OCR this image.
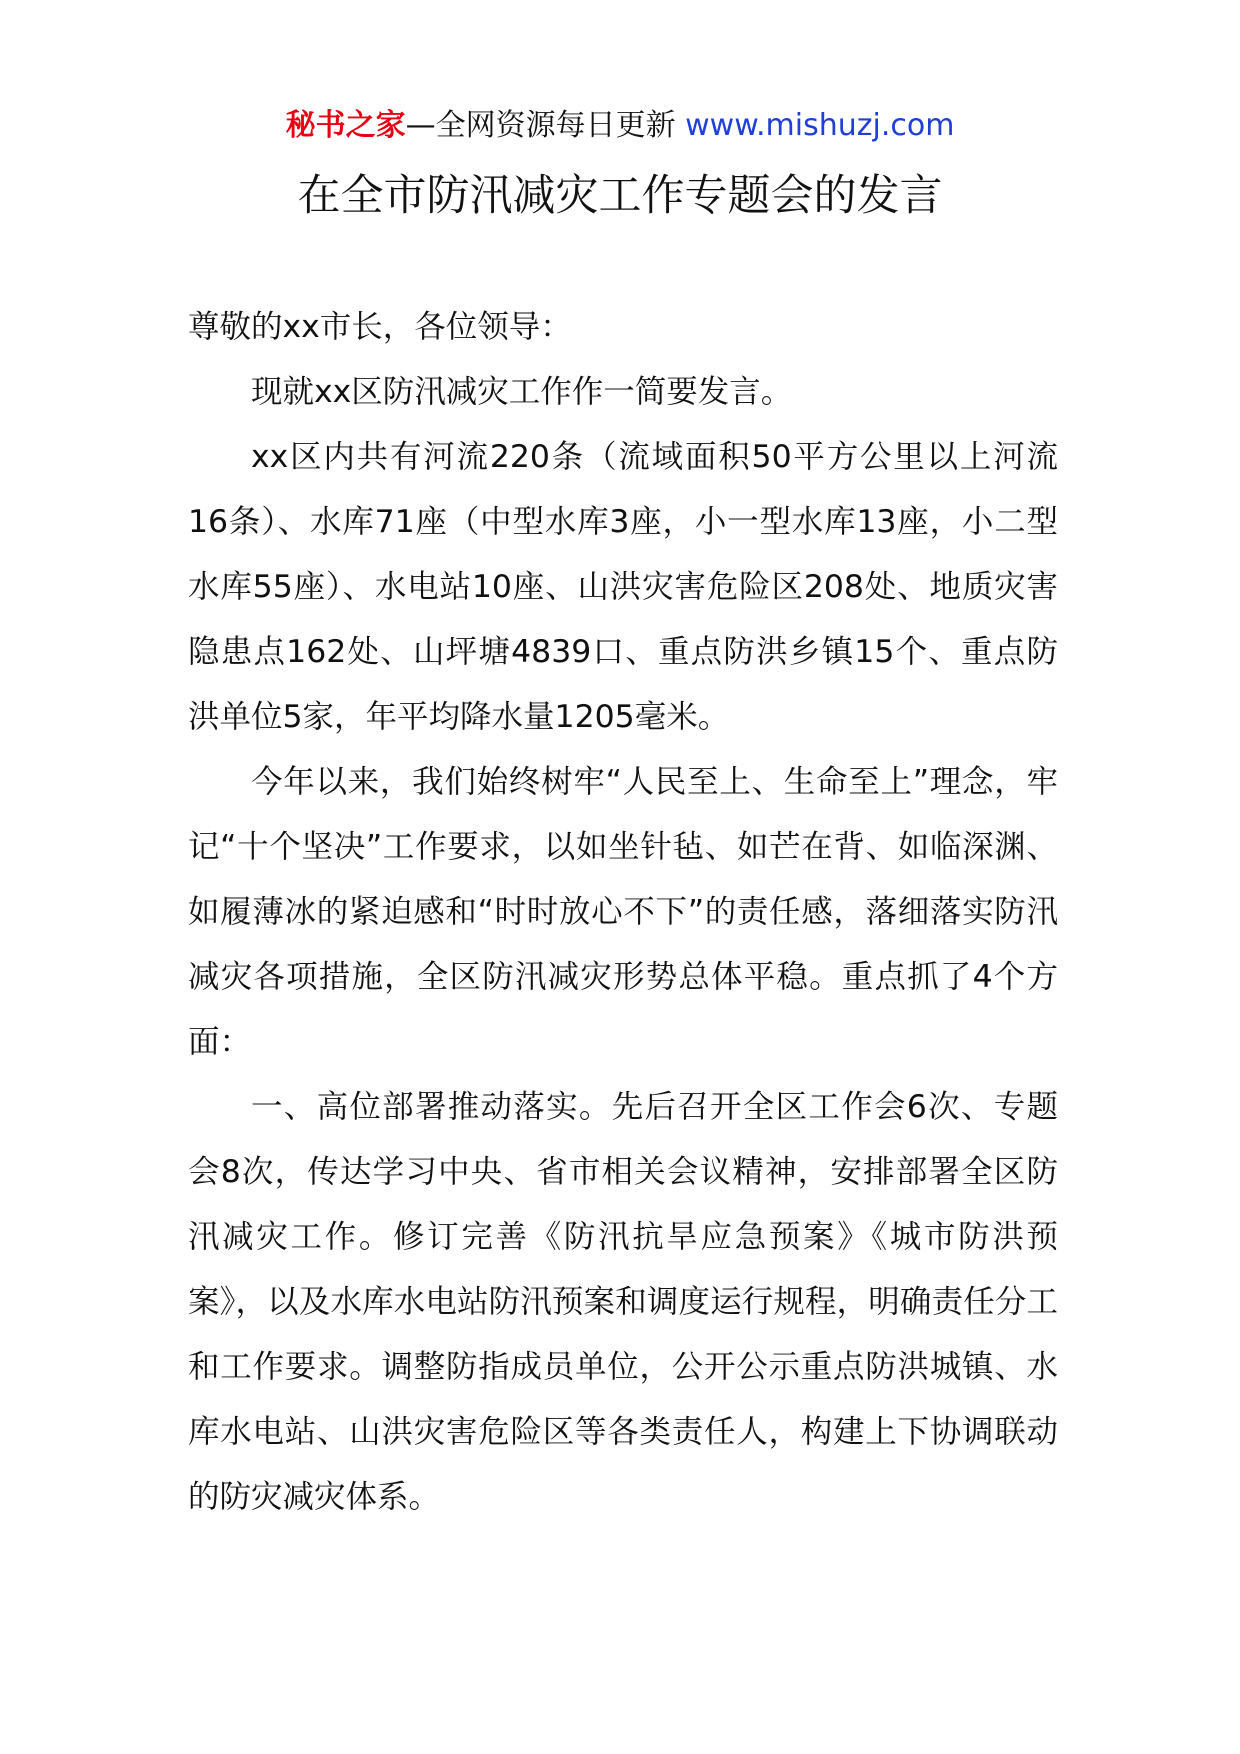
秘书之家—全网资源每日更新 www.mishuzj.com
在全市防汛减灾工作专题会的发言

尊敬的xx市长，各位领导：

现就xx区防汛减灾工作作一简要发言。

xx区内共有河流220条（流域面积50平方公里以上河流16条）、水库71座（中型水库3座，小一型水库13座，小二型水库55座）、水电站10座、山洪灾害危险区208处、地质灾害隐患点162处、山坪塘4839口、重点防洪乡镇15个、重点防洪单位5家，年平均降水量1205毫米。

今年以来，我们始终树牢“人民至上、生命至上”理念，牢记“十个坚决”工作要求，以如坐针毡、如芒在背、如临深渊、如履薄冰的紧迫感和“时时放心不下”的责任感，落细落实防汛减灾各项措施，全区防汛减灾形势总体平稳。重点抓了4个方面：

一、高位部署推动落实。先后召开全区工作会6次、专题会8次，传达学习中央、省市相关会议精神，安排部署全区防汛减灾工作。修订完善《防汛抗旱应急预案》《城市防洪预案》，以及水库水电站防汛预案和调度运行规程，明确责任分工和工作要求。调整防指成员单位，公开公示重点防洪城镇、水库水电站、山洪灾害危险区等各类责任人，构建上下协调联动的防灾减灾体系。
